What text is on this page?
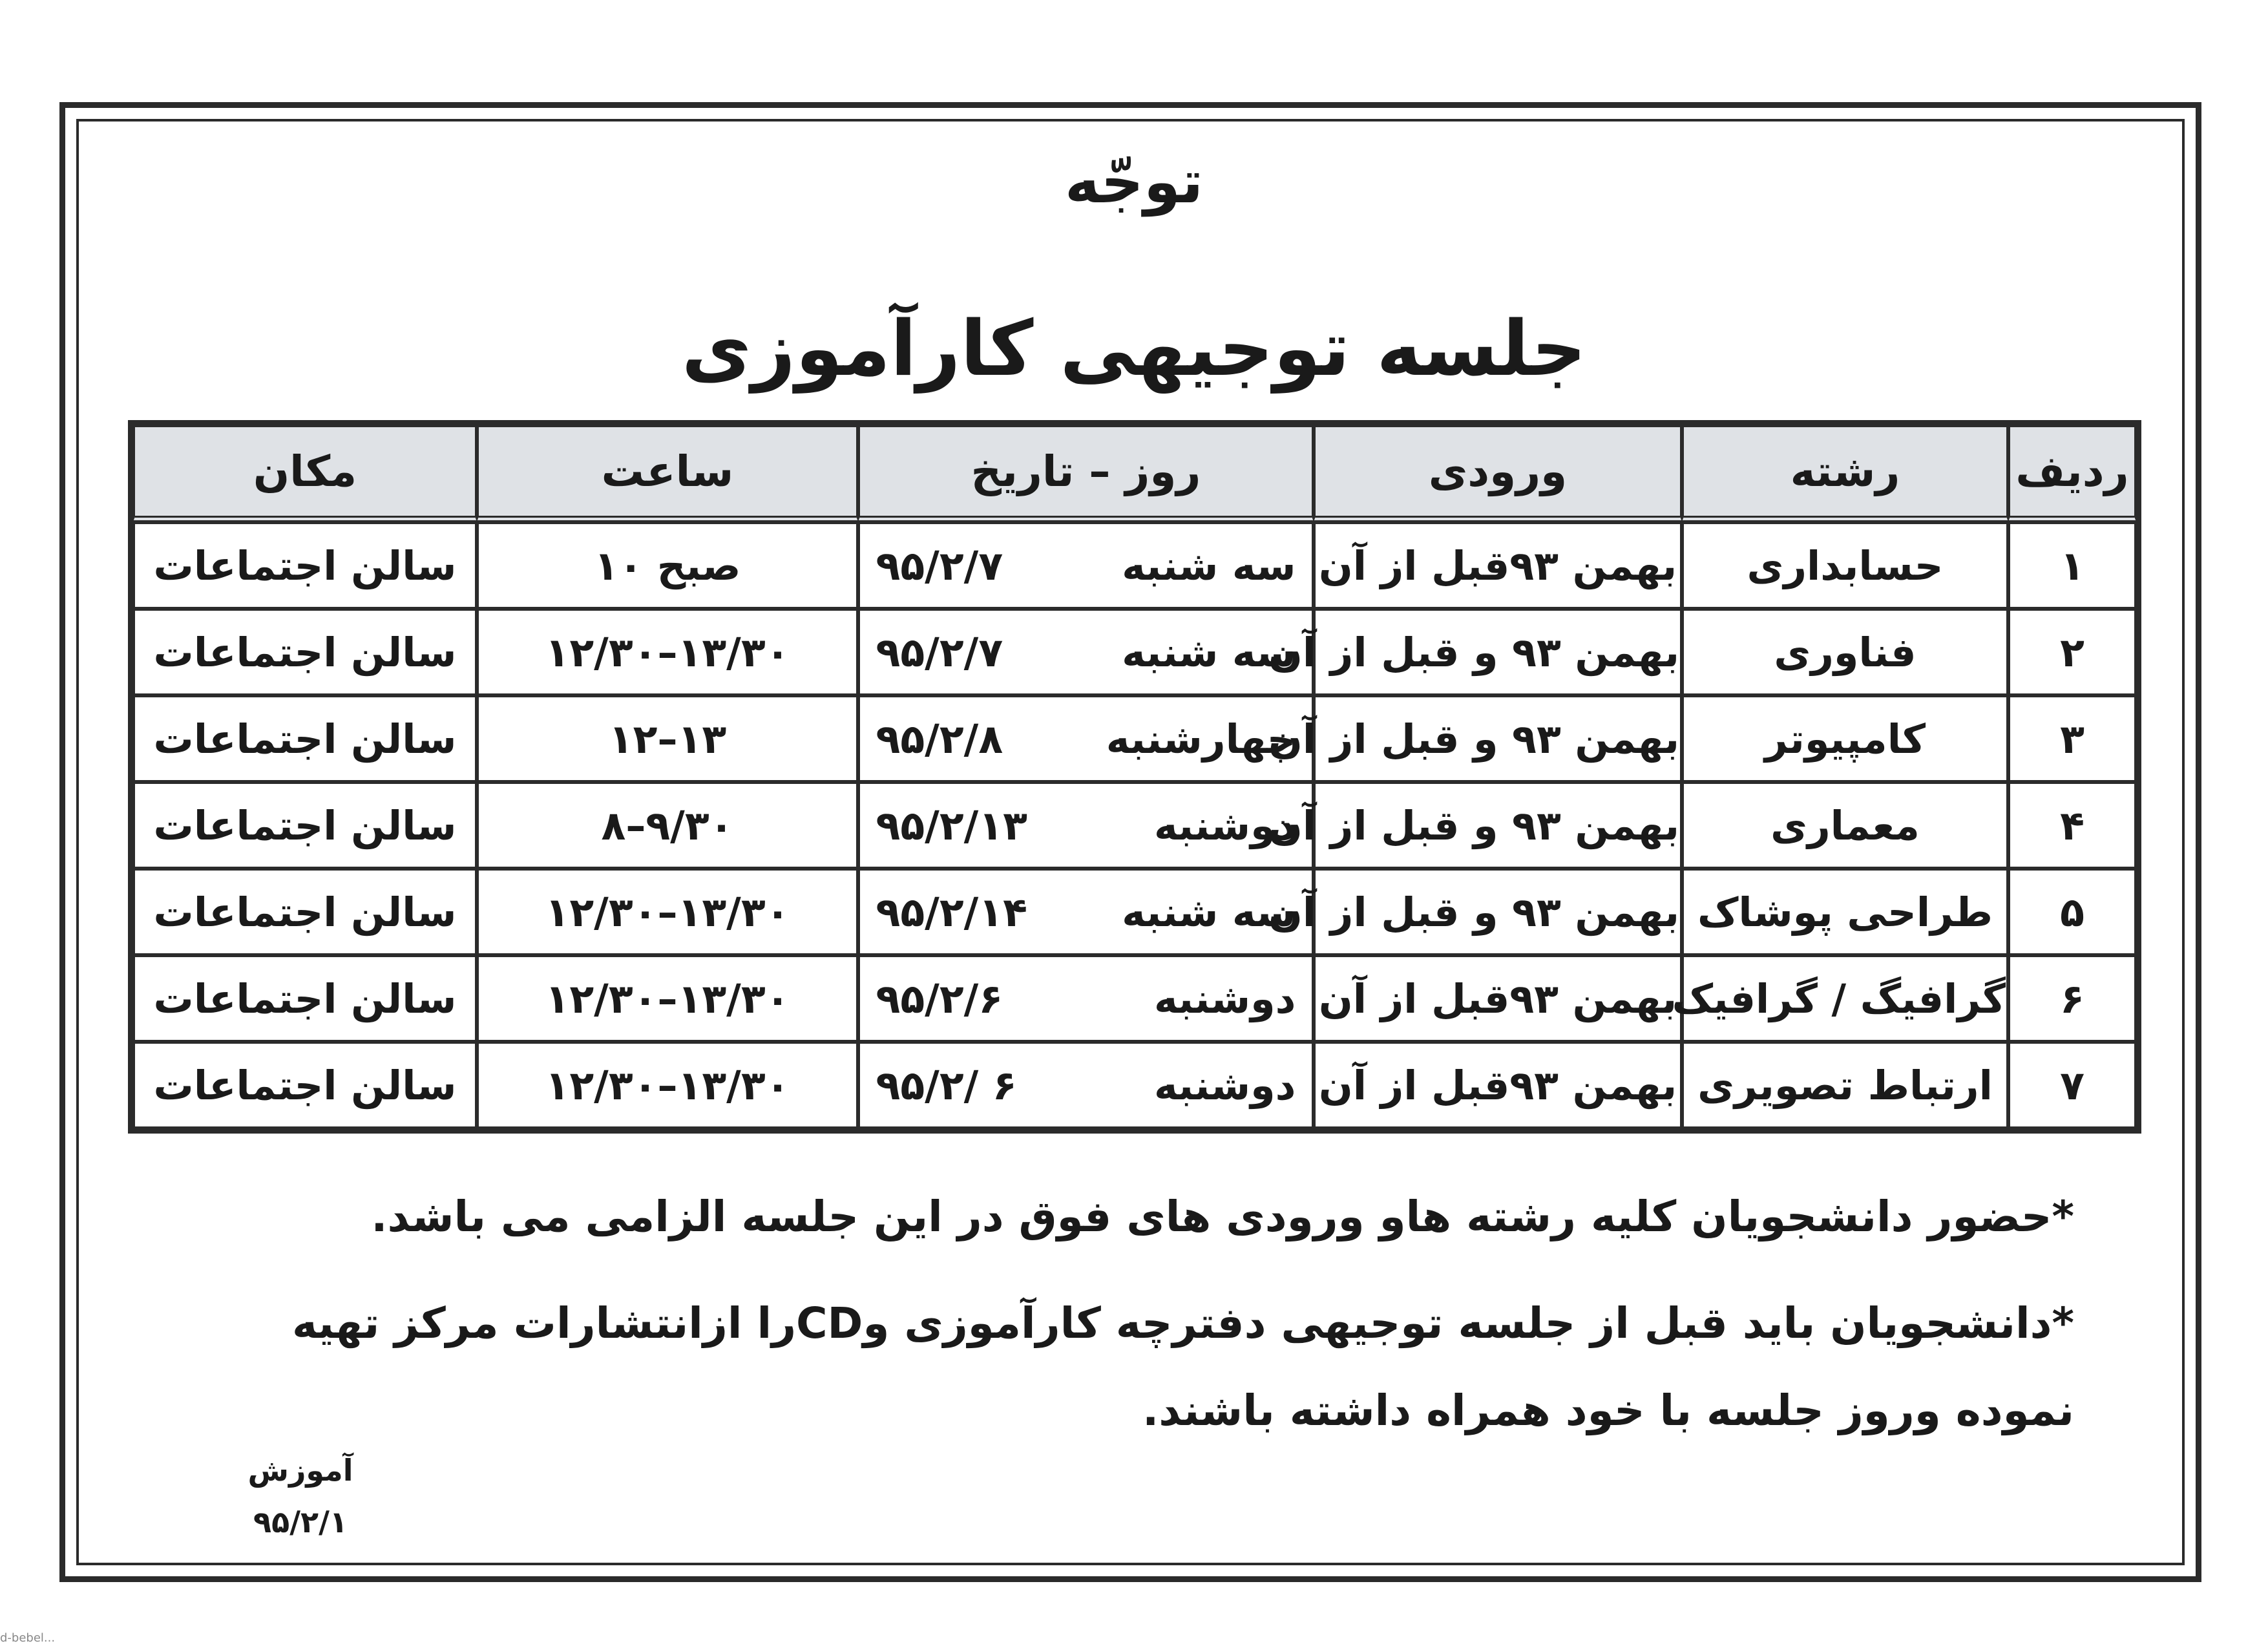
توجّه
جلسه توجیهی کارآموزی
ردیف	رشته	ورودی	روز – تاریخ	ساعت	مکان
۱	حسابداری	بهمن ۹۳قبل از آن	سه شنبه۹۵/۲/۷	۱۰ صبح	سالن اجتماعات
۲	فناوری	بهمن ۹۳ و قبل از آن	سه شنبه۹۵/۲/۷	۱۲/۳۰–۱۳/۳۰	سالن اجتماعات
۳	کامپیوتر	بهمن ۹۳ و قبل از آن	چهارشنبه۹۵/۲/۸	۱۲–۱۳	سالن اجتماعات
۴	معماری	بهمن ۹۳ و قبل از آن	دوشنبه۹۵/۲/۱۳	۸–۹/۳۰	سالن اجتماعات
۵	طراحی پوشاک	بهمن ۹۳ و قبل از آن	سه شنبه۹۵/۲/۱۴	۱۲/۳۰–۱۳/۳۰	سالن اجتماعات
۶	گرافیگ / گرافیک	بهمن ۹۳قبل از آن	دوشنبه۹۵/۲/۶	۱۲/۳۰–۱۳/۳۰	سالن اجتماعات
۷	ارتباط تصویری	بهمن ۹۳قبل از آن	دوشنبه۹۵/۲/ ۶	۱۲/۳۰–۱۳/۳۰	سالن اجتماعات

*حضور دانشجویان کلیه رشته هاو ورودی های فوق در این جلسه الزامی می باشد.

*دانشجویان باید قبل از جلسه توجیهی دفترچه کارآموزی وCDرا ازانتشارات مرکز تهیه نموده وروز جلسه با خود همراه داشته باشند.

آموزش
۹۵/۲/۱
d-bebel...
